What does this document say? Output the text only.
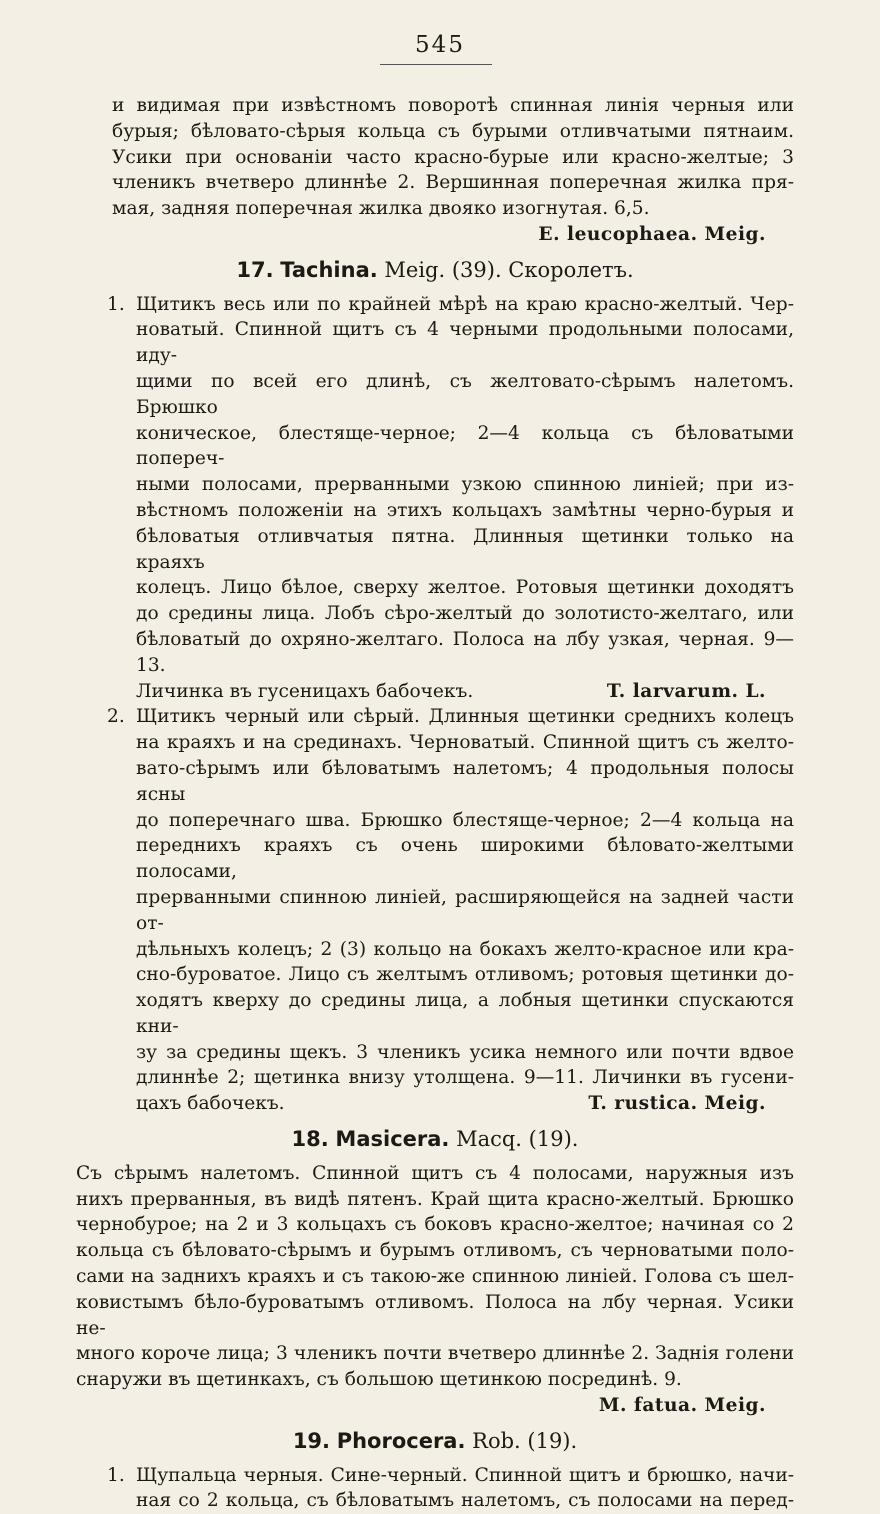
545

и видимая при извѣстномъ поворотѣ спинная линія черныя или

бурыя; бѣловато-сѣрыя кольца съ бурыми отливчатыми пятнаим.

Усики при основаніи часто красно-бурые или красно-желтые; 3

членикъ вчетверо длиннѣе 2. Вершинная поперечная жилка пря-

мая, задняя поперечная жилка двояко изогнутая. 6,5.

E. leucophaea. Meig.

17. Tachina. Meig. (39). Скоролетъ.
1. Щитикъ весь или по крайней мѣрѣ на краю красно-желтый. Чер-

новатый. Спинной щитъ съ 4 черными продольными полосами, иду-

щими по всей его длинѣ, съ желтовато-сѣрымъ налетомъ. Брюшко

коническое, блестяще-черное; 2—4 кольца съ бѣловатыми попереч-

ными полосами, прерванными узкою спинною линіей; при из-

вѣстномъ положеніи на этихъ кольцахъ замѣтны черно-бурыя и

бѣловатыя отливчатыя пятна. Длинныя щетинки только на краяхъ

колецъ. Лицо бѣлое, сверху желтое. Ротовыя щетинки доходятъ

до средины лица. Лобъ сѣро-желтый до золотисто-желтаго, или

бѣловатый до охряно-желтаго. Полоса на лбу узкая, черная. 9—13.

Личинка въ гусеницахъ бабочекъ.	T. larvarum. L.
2. Щитикъ черный или сѣрый. Длинныя щетинки среднихъ колецъ

на краяхъ и на срединахъ. Черноватый. Спинной щитъ съ желто-

вато-сѣрымъ или бѣловатымъ налетомъ; 4 продольныя полосы ясны

до поперечнаго шва. Брюшко блестяще-черное; 2—4 кольца на

переднихъ краяхъ съ очень широкими бѣловато-желтыми полосами,

прерванными спинною линіей, расширяющейся на задней части от-

дѣльныхъ колецъ; 2 (3) кольцо на бокахъ желто-красное или кра-

сно-буроватое. Лицо съ желтымъ отливомъ; ротовыя щетинки до-

ходятъ кверху до средины лица, а лобныя щетинки спускаются кни-

зу за средины щекъ. 3 членикъ усика немного или почти вдвое

длиннѣе 2; щетинка внизу утолщена. 9—11. Личинки въ гусени-

цахъ бабочекъ.	T. rustica. Meig.
18. Masicera. Macq. (19).

Съ сѣрымъ налетомъ. Спинной щитъ съ 4 полосами, наружныя изъ

нихъ прерванныя, въ видѣ пятенъ. Край щита красно-желтый. Брюшко

чернобурое; на 2 и 3 кольцахъ съ боковъ красно-желтое; начиная со 2

кольца съ бѣловато-сѣрымъ и бурымъ отливомъ, съ черноватыми поло-

сами на заднихъ краяхъ и съ такою-же спинною линіей. Голова съ шел-

ковистымъ бѣло-буроватымъ отливомъ. Полоса на лбу черная. Усики не-

много короче лица; 3 членикъ почти вчетверо длиннѣе 2. Заднія голени

снаружи въ щетинкахъ, съ большою щетинкою посрединѣ. 9.

M. fatua. Meig.

19. Phorocera. Rob. (19).
1. Щупальца черныя. Сине-черный. Спинной щитъ и брюшко, начи-

ная со 2 кольца, съ бѣловатымъ налетомъ, съ полосами на перед-
